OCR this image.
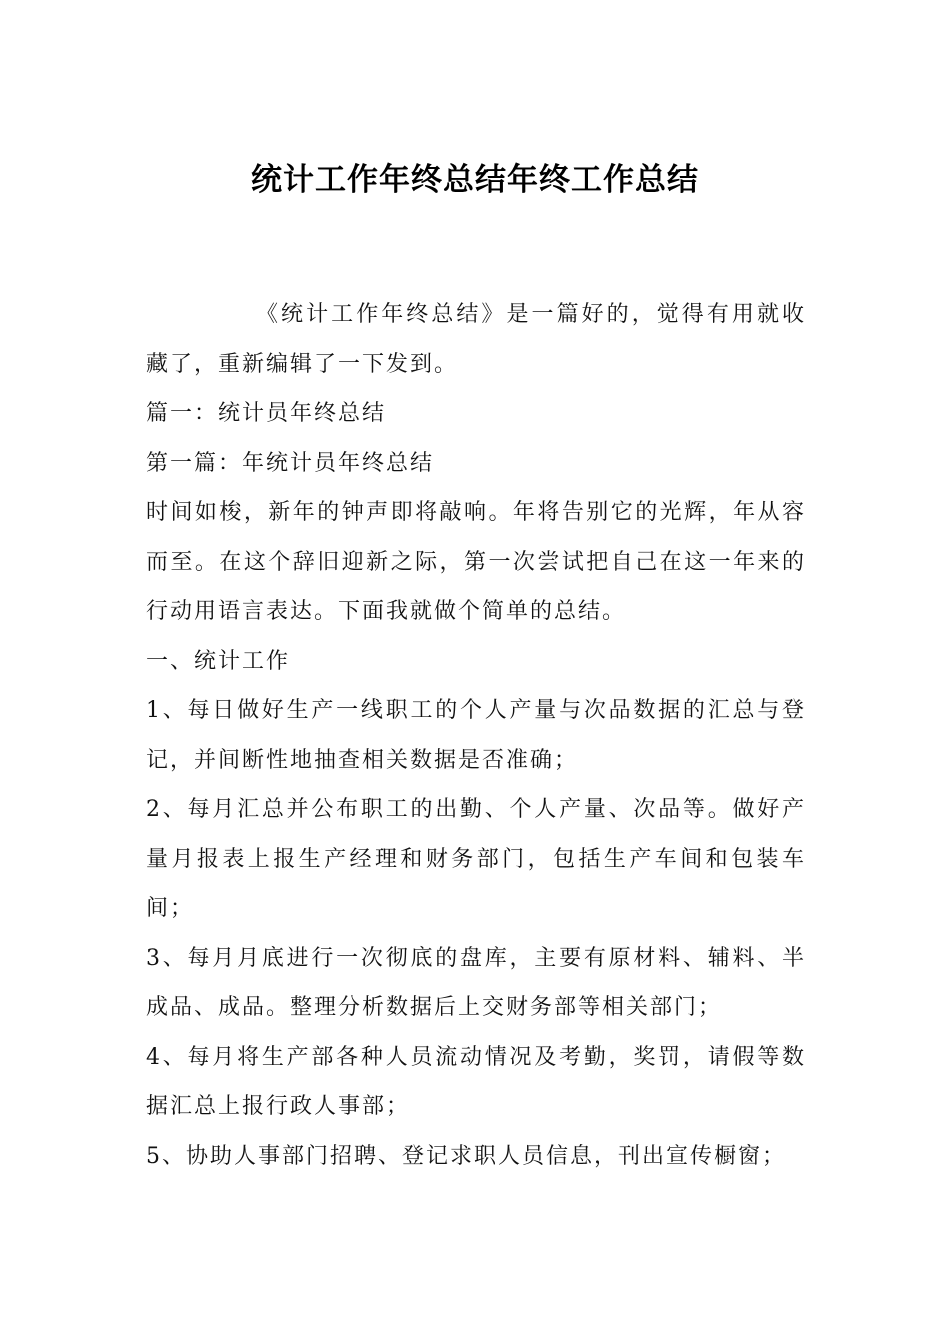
统计工作年终总结年终工作总结

《统计工作年终总结》是一篇好的，觉得有用就收藏了，重新编辑了一下发到。

篇一：统计员年终总结

第一篇：年统计员年终总结

时间如梭，新年的钟声即将敲响。年将告别它的光辉，年从容而至。在这个辞旧迎新之际，第一次尝试把自己在这一年来的行动用语言表达。下面我就做个简单的总结。

一、统计工作

1、每日做好生产一线职工的个人产量与次品数据的汇总与登记，并间断性地抽查相关数据是否准确；

2、每月汇总并公布职工的出勤、个人产量、次品等。做好产量月报表上报生产经理和财务部门，包括生产车间和包装车间；

3、每月月底进行一次彻底的盘库，主要有原材料、辅料、半成品、成品。整理分析数据后上交财务部等相关部门；

4、每月将生产部各种人员流动情况及考勤，奖罚，请假等数据汇总上报行政人事部；

5、协助人事部门招聘、登记求职人员信息，刊出宣传橱窗；
